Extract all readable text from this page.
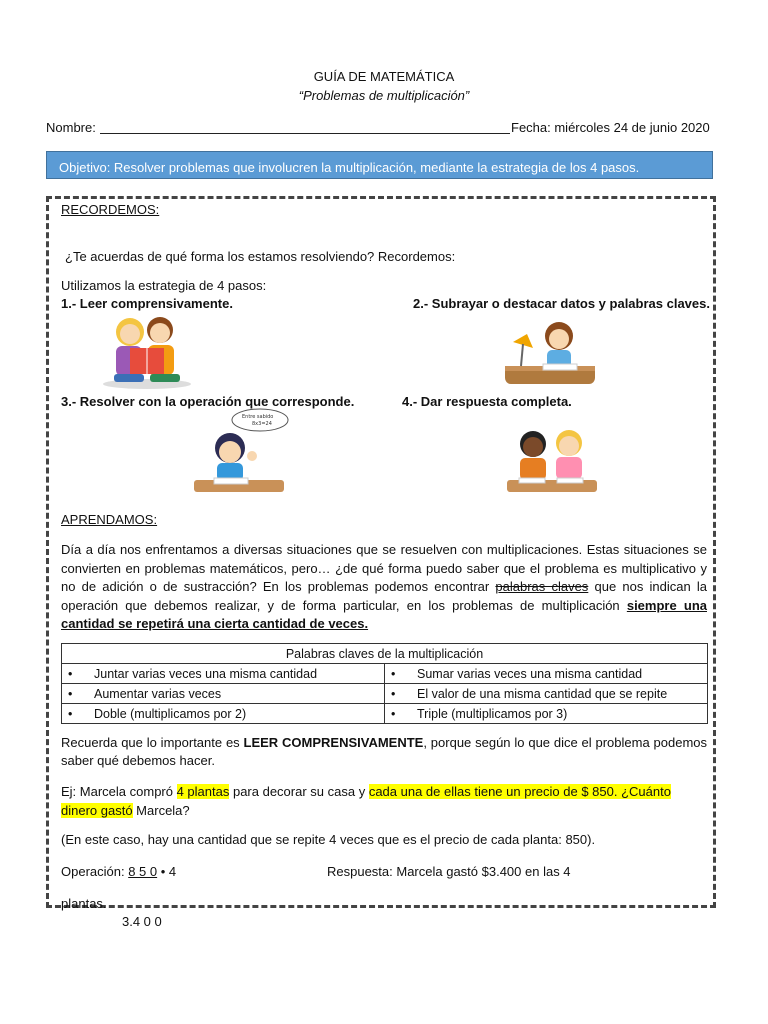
GUÍA DE MATEMÁTICA
“Problemas de multiplicación”
Nombre:	Fecha: miércoles 24 de junio 2020
Objetivo: Resolver problemas que involucren la multiplicación, mediante la estrategia de los 4 pasos.
RECORDEMOS:
¿Te acuerdas de qué forma los estamos resolviendo? Recordemos:
Utilizamos la estrategia de 4 pasos:
1.- Leer comprensivamente.	2.- Subrayar o destacar datos y palabras claves.
3.- Resolver con la operación que corresponde.	4.- Dar respuesta completa.
Entre sabido
8x3=24
APRENDAMOS:
Día a día nos enfrentamos a diversas situaciones que se resuelven con multiplicaciones. Estas situaciones se convierten en problemas matemáticos, pero… ¿de qué forma puedo saber que el problema es multiplicativo y no de adición o de sustracción? En los problemas podemos encontrar palabras claves que nos indican la operación que debemos realizar, y de forma particular, en los problemas de multiplicación siempre una cantidad se repetirá una cierta cantidad de veces.
Palabras claves de la multiplicación	
• Juntar varias veces una misma cantidad	• Sumar varias veces una misma cantidad
• Aumentar varias veces	• El valor de una misma cantidad que se repite
• Doble (multiplicamos por 2)	• Triple (multiplicamos por 3)
Recuerda que lo importante es LEER COMPRENSIVAMENTE, porque según lo que dice el problema podemos saber qué debemos hacer.
Ej: Marcela compró 4 plantas para decorar su casa y cada una de ellas tiene un precio de $ 850. ¿Cuánto dinero gastó Marcela?
(En este caso, hay una cantidad que se repite 4 veces que es el precio de cada planta: 850).
Operación: 8 5 0 • 4	Respuesta: Marcela gastó $3.400 en las 4
plantas.
3.4 0 0
